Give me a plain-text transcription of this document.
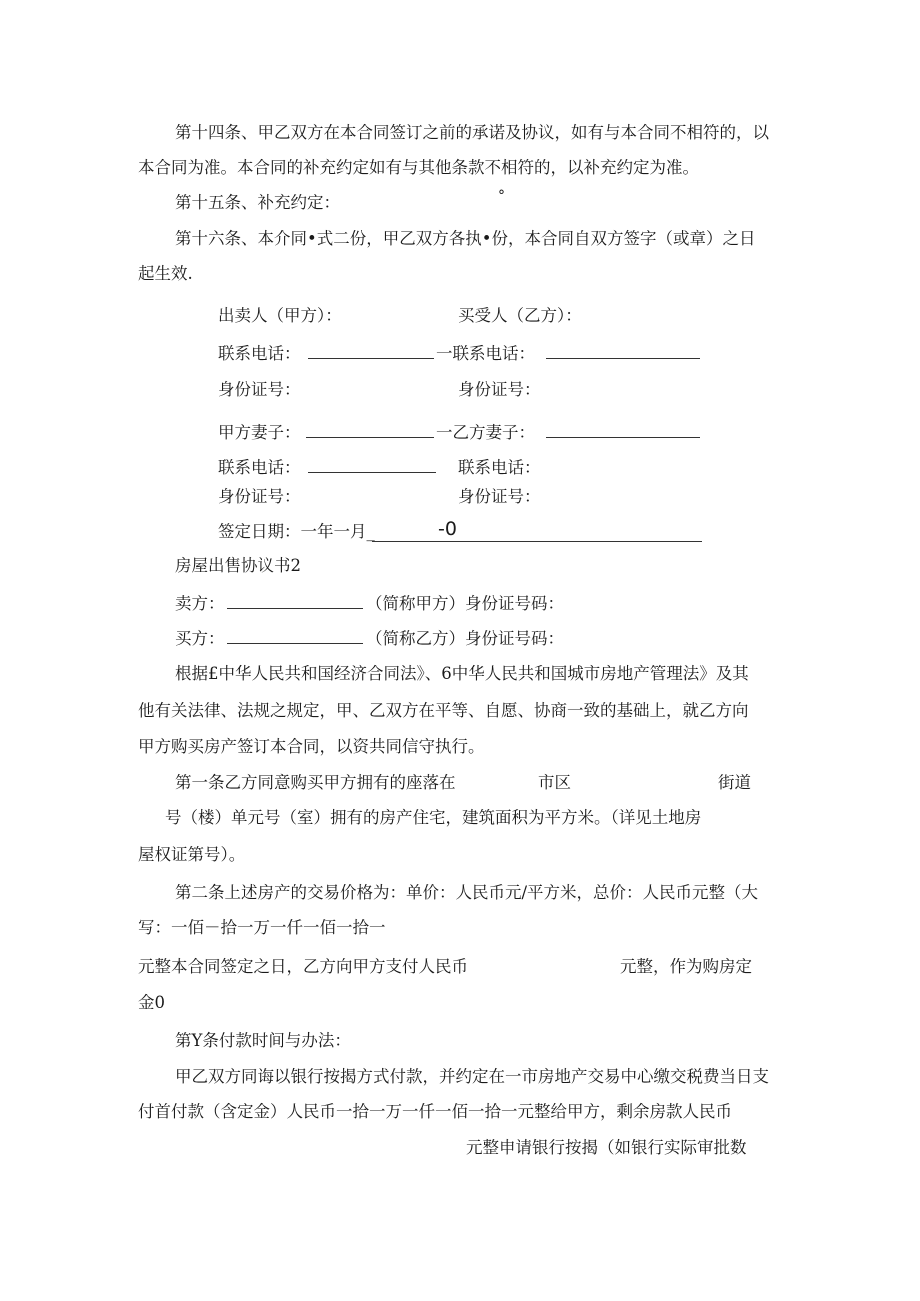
第十四条、甲乙双方在本合同签订之前的承诺及协议，如有与本合同不相符的，以
本合同为准。本合同的补充约定如有与其他条款不相符的，以补充约定为准。
第十五条、补充约定：	°
第十六条、本介同•式二份，甲乙双方各执•份，本合同自双方签字（或章）之日
起生效.
出卖人（甲方）：	买受人（乙方）：
联系电话：	一联系电话：
身份证号：	身份证号：
甲方妻子：	一乙方妻子：
联系电话：	联系电话：
身份证号：	身份证号：
签定日期：一年一月_	-0
房屋出售协议书2
卖方：	（简称甲方）身份证号码：
买方：	（简称乙方）身份证号码：
根据£中华人民共和国经济合同法》、6中华人民共和国城市房地产管理法》及其
他有关法律、法规之规定，甲、乙双方在平等、自愿、协商一致的基础上，就乙方向
甲方购买房产签订本合同，以资共同信守执行。
第一条乙方同意购买甲方拥有的座落在	市区	街道
号（楼）单元号（室）拥有的房产住宅，建筑面积为平方米。（详见土地房
屋权证第号）。
第二条上述房产的交易价格为：单价：人民币元/平方米，总价：人民币元整（大
写：一佰－拾一万一仟一佰一拾一
元整本合同签定之日，乙方向甲方支付人民币	元整，作为购房定
金0
第Y条付款时间与办法：
甲乙双方同诲以银行按揭方式付款，并约定在一市房地产交易中心缴交税费当日支
付首付款（含定金）人民币一拾一万一仟一佰一拾一元整给甲方，剩余房款人民币
元整申请银行按揭（如银行实际审批数
